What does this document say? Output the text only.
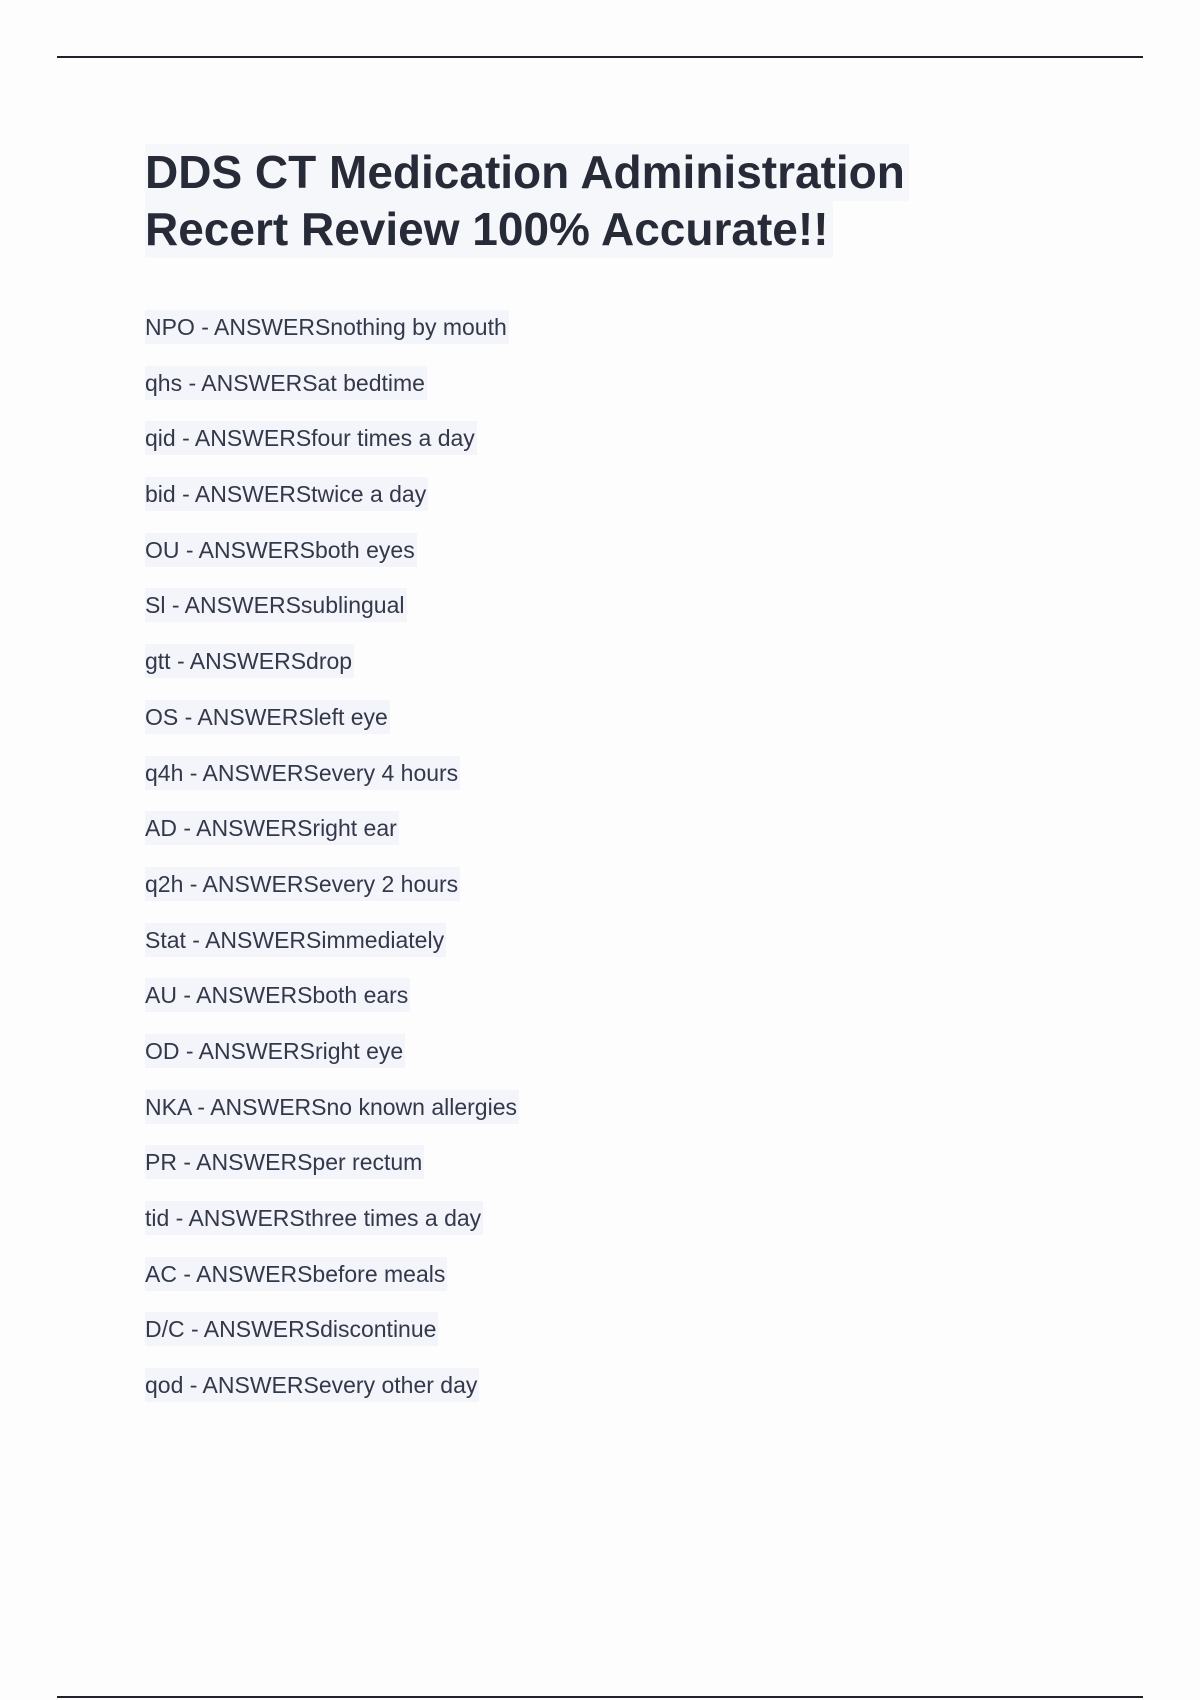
DDS CT Medication Administration
Recert Review 100% Accurate!!
NPO - ANSWERSnothing by mouth
qhs - ANSWERSat bedtime
qid - ANSWERSfour times a day
bid - ANSWERStwice a day
OU - ANSWERSboth eyes
Sl - ANSWERSsublingual
gtt - ANSWERSdrop
OS - ANSWERSleft eye
q4h - ANSWERSevery 4 hours
AD - ANSWERSright ear
q2h - ANSWERSevery 2 hours
Stat - ANSWERSimmediately
AU - ANSWERSboth ears
OD - ANSWERSright eye
NKA - ANSWERSno known allergies
PR - ANSWERSper rectum
tid - ANSWERSthree times a day
AC - ANSWERSbefore meals
D/C - ANSWERSdiscontinue
qod - ANSWERSevery other day
